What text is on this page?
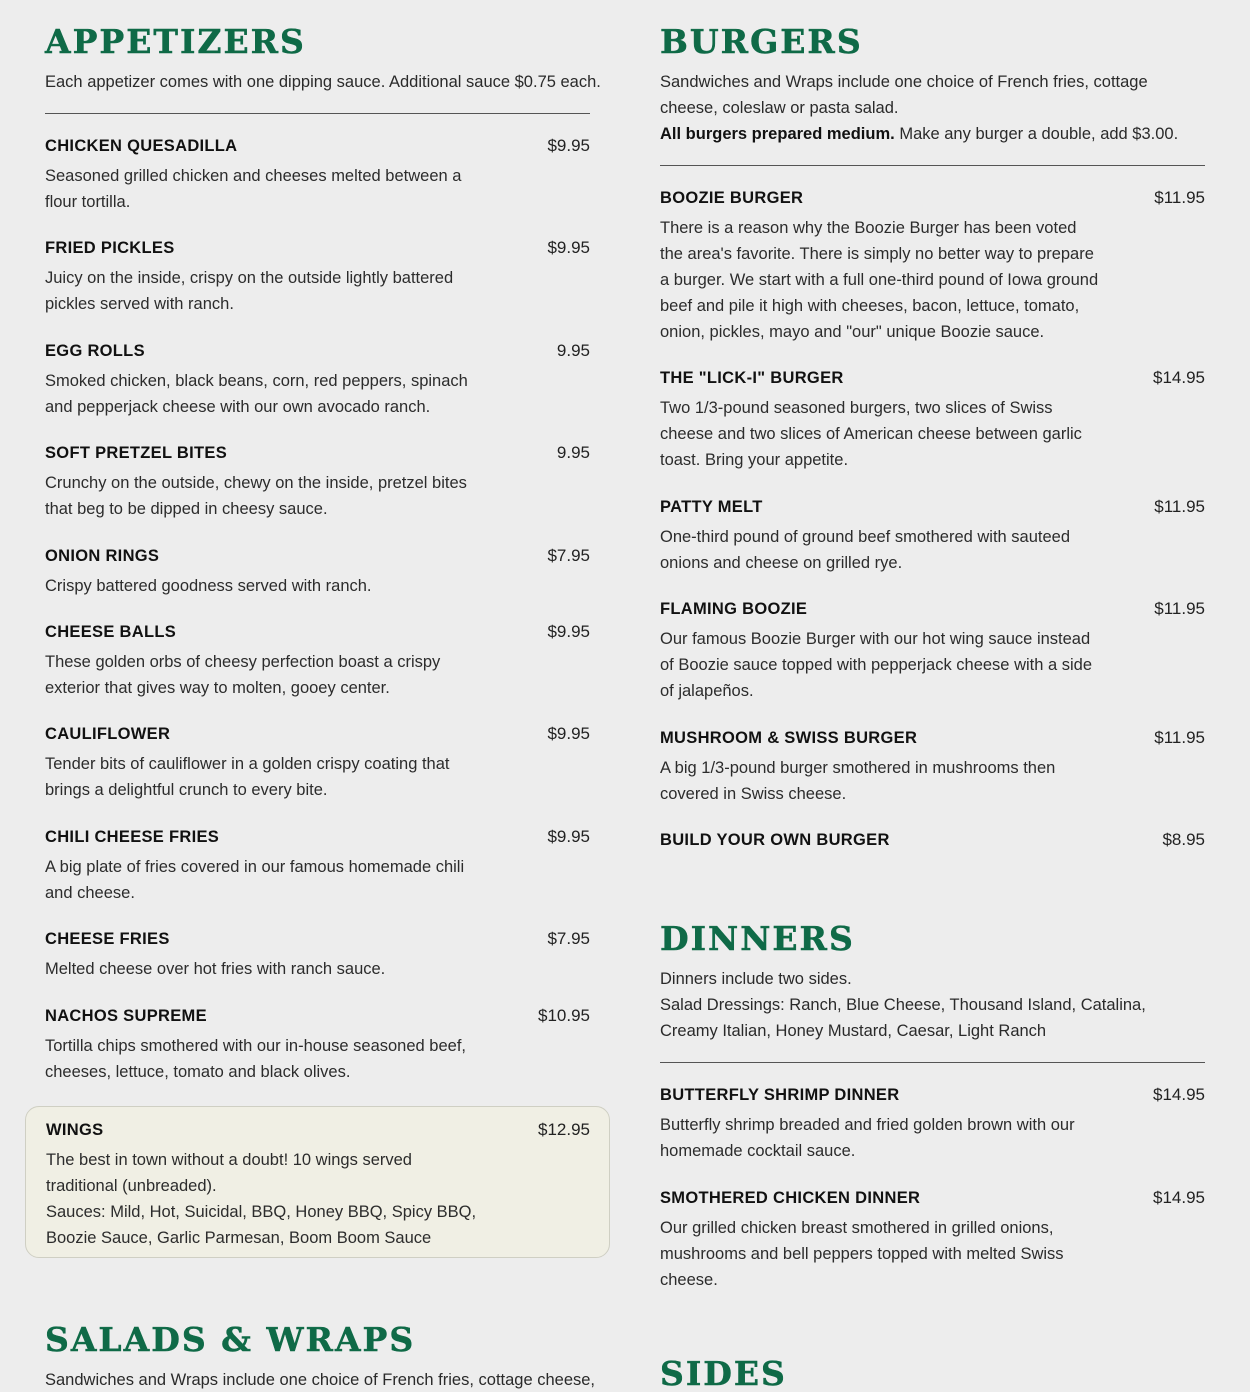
APPETIZERS

Each appetizer comes with one dipping sauce. Additional sauce $0.75 each.

CHICKEN QUESADILLA	$9.95
Seasoned grilled chicken and cheeses melted between a flour tortilla.
FRIED PICKLES	$9.95
Juicy on the inside, crispy on the outside lightly battered pickles served with ranch.
EGG ROLLS	9.95
Smoked chicken, black beans, corn, red peppers, spinach and pepperjack cheese with our own avocado ranch.
SOFT PRETZEL BITES	9.95
Crunchy on the outside, chewy on the inside, pretzel bites that beg to be dipped in cheesy sauce.
ONION RINGS	$7.95
Crispy battered goodness served with ranch.
CHEESE BALLS	$9.95
These golden orbs of cheesy perfection boast a crispy exterior that gives way to molten, gooey center.
CAULIFLOWER	$9.95
Tender bits of cauliflower in a golden crispy coating that brings a delightful crunch to every bite.
CHILI CHEESE FRIES	$9.95
A big plate of fries covered in our famous homemade chili and cheese.
CHEESE FRIES	$7.95
Melted cheese over hot fries with ranch sauce.
NACHOS SUPREME	$10.95
Tortilla chips smothered with our in-house seasoned beef, cheeses, lettuce, tomato and black olives.
SALADS & WRAPS

Sandwiches and Wraps include one choice of French fries, cottage cheese,

WINGS	$12.95
The best in town without a doubt! 10 wings served traditional (unbreaded).
Sauces: Mild, Hot, Suicidal, BBQ, Honey BBQ, Spicy BBQ, Boozie Sauce, Garlic Parmesan, Boom Boom Sauce
BURGERS

Sandwiches and Wraps include one choice of French fries, cottage cheese, coleslaw or pasta salad.

All burgers prepared medium. Make any burger a double, add $3.00.

BOOZIE BURGER	$11.95
There is a reason why the Boozie Burger has been voted the area's favorite. There is simply no better way to prepare a burger. We start with a full one-third pound of Iowa ground beef and pile it high with cheeses, bacon, lettuce, tomato, onion, pickles, mayo and "our" unique Boozie sauce.
THE "LICK-I" BURGER	$14.95
Two 1/3-pound seasoned burgers, two slices of Swiss cheese and two slices of American cheese between garlic toast. Bring your appetite.
PATTY MELT	$11.95
One-third pound of ground beef smothered with sauteed onions and cheese on grilled rye.
FLAMING BOOZIE	$11.95
Our famous Boozie Burger with our hot wing sauce instead of Boozie sauce topped with pepperjack cheese with a side of jalapeños.
MUSHROOM & SWISS BURGER	$11.95
A big 1/3-pound burger smothered in mushrooms then covered in Swiss cheese.
BUILD YOUR OWN BURGER	$8.95
DINNERS

Dinners include two sides.

Salad Dressings: Ranch, Blue Cheese, Thousand Island, Catalina, Creamy Italian, Honey Mustard, Caesar, Light Ranch

BUTTERFLY SHRIMP DINNER	$14.95
Butterfly shrimp breaded and fried golden brown with our homemade cocktail sauce.
SMOTHERED CHICKEN DINNER	$14.95
Our grilled chicken breast smothered in grilled onions, mushrooms and bell peppers topped with melted Swiss cheese.
SIDES
